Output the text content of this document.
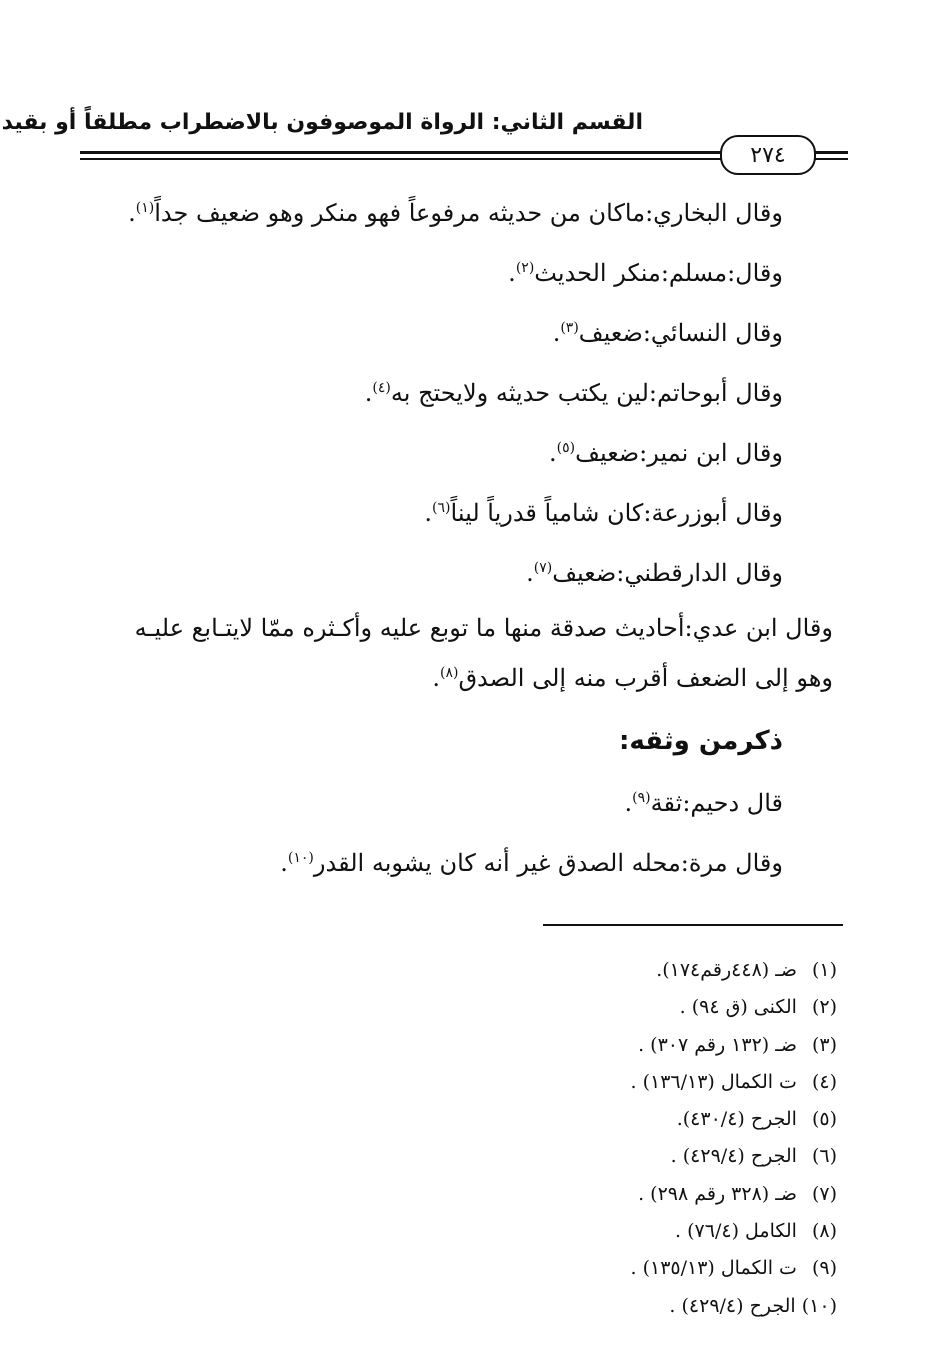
القسم الثاني: الرواة الموصوفون بالاضطراب مطلقاً أو بقيد
٢٧٤

وقال البخاري:ماكان من حديثه مرفوعاً فهو منكر وهو ضعيف جداً$^{(١)}$.

وقال:مسلم:منكر الحديث$^{(٢)}$.

وقال النسائي:ضعيف$^{(٣)}$.

وقال أبوحاتم:لين يكتب حديثه ولايحتج به$^{(٤)}$.

وقال ابن نمير:ضعيف$^{(٥)}$.

وقال أبوزرعة:كان شامياً قدرياً ليناً$^{(٦)}$.

وقال الدارقطني:ضعيف$^{(٧)}$.

وقال ابن عدي:أحاديث صدقة منها ما توبع عليه وأكـثره ممّا لايتـابع عليـه وهو إلى الضعف أقرب منه إلى الصدق$^{(٨)}$.

ذكرمن وثقه:

قال دحيم:ثقة$^{(٩)}$.

وقال مرة:محله الصدق غير أنه كان يشوبه القدر$^{(١٠)}$.

(١) ضـ (٤٤٨رقم١٧٤).
(٢) الكنى (ق ٩٤) .
(٣) ضـ (١٣٢ رقم ٣٠٧) .
(٤) ت الكمال (١٣٦/١٣) .
(٥) الجرح (٤٣٠/٤).
(٦) الجرح (٤٢٩/٤) .
(٧) ضـ (٣٢٨ رقم ٢٩٨) .
(٨) الكامل (٧٦/٤) .
(٩) ت الكمال (١٣٥/١٣) .
(١٠) الجرح (٤٢٩/٤) .
